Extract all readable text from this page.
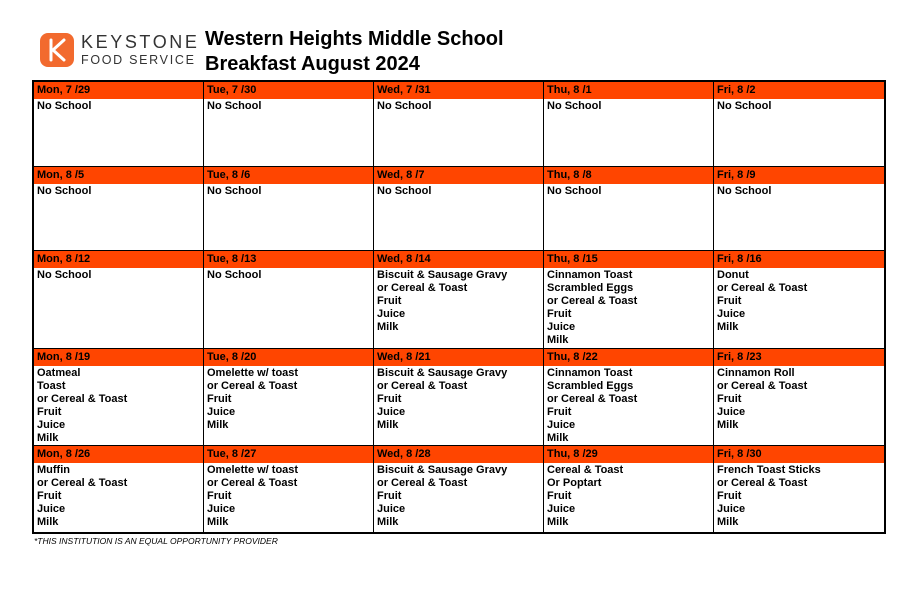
KEYSTONE
FOOD SERVICE
Western Heights Middle School
Breakfast August 2024
Mon, 7 /29
No School
Tue, 7 /30
No School
Wed, 7 /31
No School
Thu, 8 /1
No School
Fri, 8 /2
No School
Mon, 8 /5
No School
Tue, 8 /6
No School
Wed, 8 /7
No School
Thu, 8 /8
No School
Fri, 8 /9
No School
Mon, 8 /12
No School
Tue, 8 /13
No School
Wed, 8 /14
Biscuit & Sausage Gravy
or Cereal & Toast
Fruit
Juice
Milk
Thu, 8 /15
Cinnamon Toast
Scrambled Eggs
or Cereal & Toast
Fruit
Juice
Milk
Fri, 8 /16
Donut
or Cereal & Toast
Fruit
Juice
Milk
Mon, 8 /19
Oatmeal
Toast
or Cereal & Toast
Fruit
Juice
Milk
Tue, 8 /20
Omelette w/ toast
or Cereal & Toast
Fruit
Juice
Milk
Wed, 8 /21
Biscuit & Sausage Gravy
or Cereal & Toast
Fruit
Juice
Milk
Thu, 8 /22
Cinnamon Toast
Scrambled Eggs
or Cereal & Toast
Fruit
Juice
Milk
Fri, 8 /23
Cinnamon Roll
or Cereal & Toast
Fruit
Juice
Milk
Mon, 8 /26
Muffin
or Cereal & Toast
Fruit
Juice
Milk
Tue, 8 /27
Omelette w/ toast
or Cereal & Toast
Fruit
Juice
Milk
Wed, 8 /28
Biscuit & Sausage Gravy
or Cereal & Toast
Fruit
Juice
Milk
Thu, 8 /29
Cereal & Toast
Or Poptart
Fruit
Juice
Milk
Fri, 8 /30
French Toast Sticks
or Cereal & Toast
Fruit
Juice
Milk
*THIS INSTITUTION IS AN EQUAL OPPORTUNITY PROVIDER
